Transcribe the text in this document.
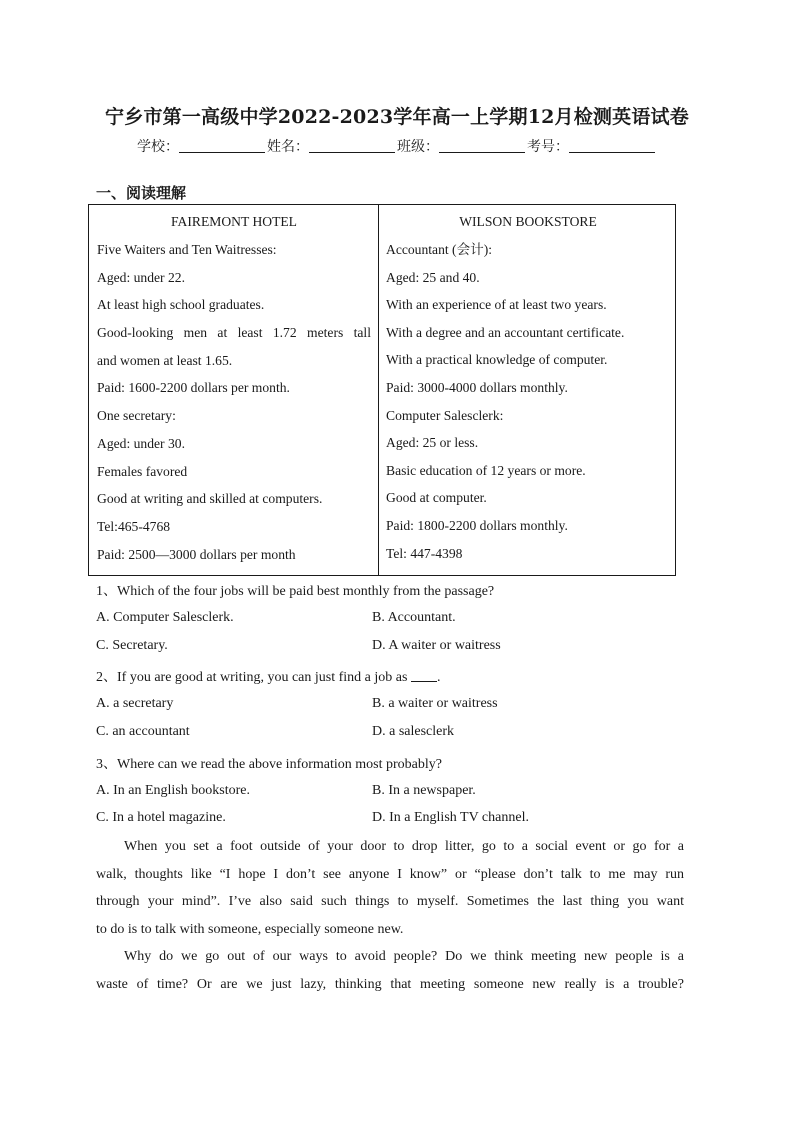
宁乡市第一高级中学2022-2023学年高一上学期12月检测英语试卷
学校：	姓名：	班级：	考号：
一、阅读理解
FAIREMONT HOTEL
Five Waiters and Ten Waitresses:
Aged: under 22.
At least high school graduates.
Good-looking men at least 1.72 meters tall
and women at least 1.65.
Paid: 1600-2200 dollars per month.
One secretary:
Aged: under 30.
Females favored
Good at writing and skilled at computers.
Tel:465-4768
Paid: 2500—3000 dollars per month
WILSON BOOKSTORE
Accountant (会计):
Aged: 25 and 40.
With an experience of at least two years.
With a degree and an accountant certificate.
With a practical knowledge of computer.
Paid: 3000-4000 dollars monthly.
Computer Salesclerk:
Aged: 25 or less.
Basic education of 12 years or more.
Good at computer.
Paid: 1800-2200 dollars monthly.
Tel: 447-4398
1、Which of the four jobs will be paid best monthly from the passage?
A. Computer Salesclerk.	B. Accountant.
C. Secretary.	D. A waiter or waitress
2、If you are good at writing, you can just find a job as .
A. a secretary	B. a waiter or waitress
C. an accountant	D. a salesclerk
3、Where can we read the above information most probably?
A. In an English bookstore.	B. In a newspaper.
C. In a hotel magazine.	D. In a English TV channel.
When you set a foot outside of your door to drop litter, go to a social event or go for a
walk, thoughts like “I hope I don’t see anyone I know” or “please don’t talk to me may run
through your mind”. I’ve also said such things to myself. Sometimes the last thing you want
to do is to talk with someone, especially someone new.
Why do we go out of our ways to avoid people? Do we think meeting new people is a
waste of time? Or are we just lazy, thinking that meeting someone new really is a trouble?
